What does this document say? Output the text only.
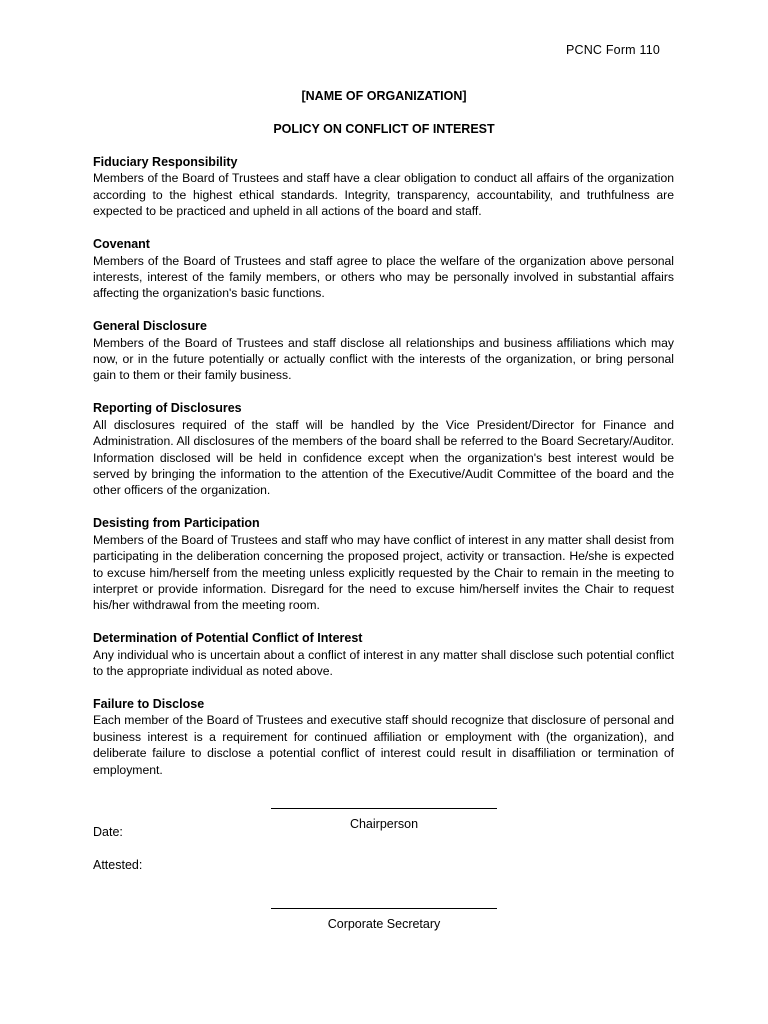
PCNC Form 110
[NAME OF ORGANIZATION]
POLICY ON CONFLICT OF INTEREST

Fiduciary Responsibility

Members of the Board of Trustees and staff have a clear obligation to conduct all affairs of the organization according to the highest ethical standards. Integrity, transparency, accountability, and truthfulness are expected to be practiced and upheld in all actions of the board and staff.

Covenant

Members of the Board of Trustees and staff agree to place the welfare of the organization above personal interests, interest of the family members, or others who may be personally involved in substantial affairs affecting the organization's basic functions.

General Disclosure

Members of the Board of Trustees and staff disclose all relationships and business affiliations which may now, or in the future potentially or actually conflict with the interests of the organization, or bring personal gain to them or their family business.

Reporting of Disclosures

All disclosures required of the staff will be handled by the Vice President/Director for Finance and Administration. All disclosures of the members of the board shall be referred to the Board Secretary/Auditor. Information disclosed will be held in confidence except when the organization's best interest would be served by bringing the information to the attention of the Executive/Audit Committee of the board and the other officers of the organization.

Desisting from Participation

Members of the Board of Trustees and staff who may have conflict of interest in any matter shall desist from participating in the deliberation concerning the proposed project, activity or transaction. He/she is expected to excuse him/herself from the meeting unless explicitly requested by the Chair to remain in the meeting to interpret or provide information. Disregard for the need to excuse him/herself invites the Chair to request his/her withdrawal from the meeting room.

Determination of Potential Conflict of Interest

Any individual who is uncertain about a conflict of interest in any matter shall disclose such potential conflict to the appropriate individual as noted above.

Failure to Disclose

Each member of the Board of Trustees and executive staff should recognize that disclosure of personal and business interest is a requirement for continued affiliation or employment with (the organization), and deliberate failure to disclose a potential conflict of interest could result in disaffiliation or termination of employment.

Chairperson
Date:
Attested:
Corporate Secretary
